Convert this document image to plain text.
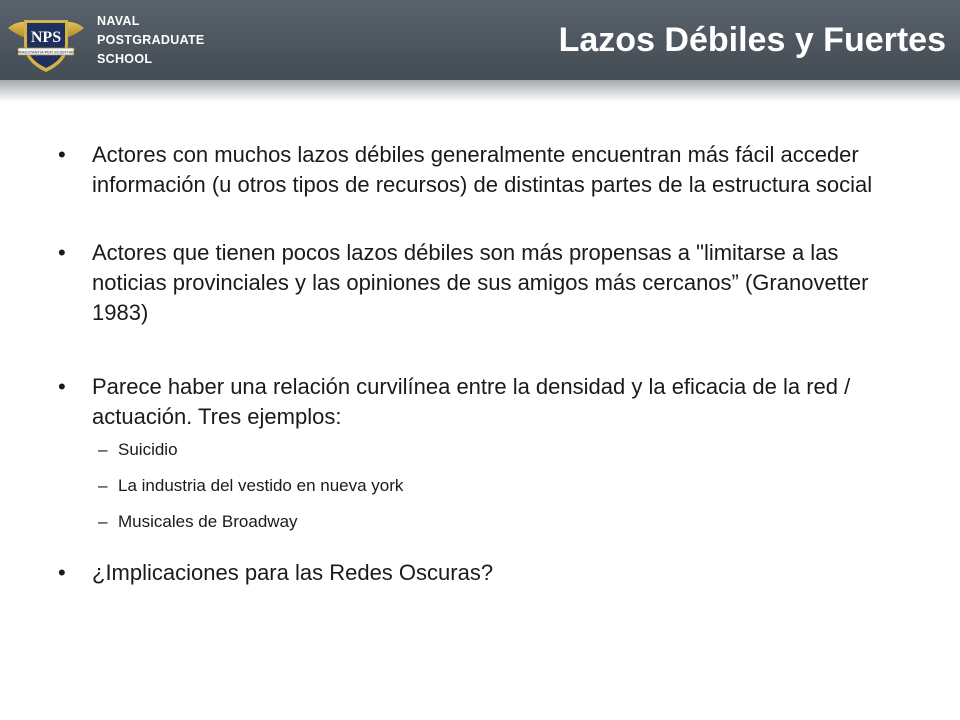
NPS
PRAESTANTIA PER SCIENTIAM
NAVAL
POSTGRADUATE
SCHOOL	Lazos Débiles y Fuertes
• Actores con muchos lazos débiles generalmente encuentran más fácil acceder información (u otros tipos de recursos) de distintas partes de la estructura social
• Actores que tienen pocos lazos débiles son más propensas a "limitarse a las noticias provinciales y las opiniones de sus amigos más cercanos” (Granovetter 1983)
• Parece haber una relación curvilínea entre la densidad y la eficacia de la red / actuación. Tres ejemplos:
– Suicidio
– La industria del vestido en nueva york
– Musicales de Broadway
• ¿Implicaciones para las Redes Oscuras?
